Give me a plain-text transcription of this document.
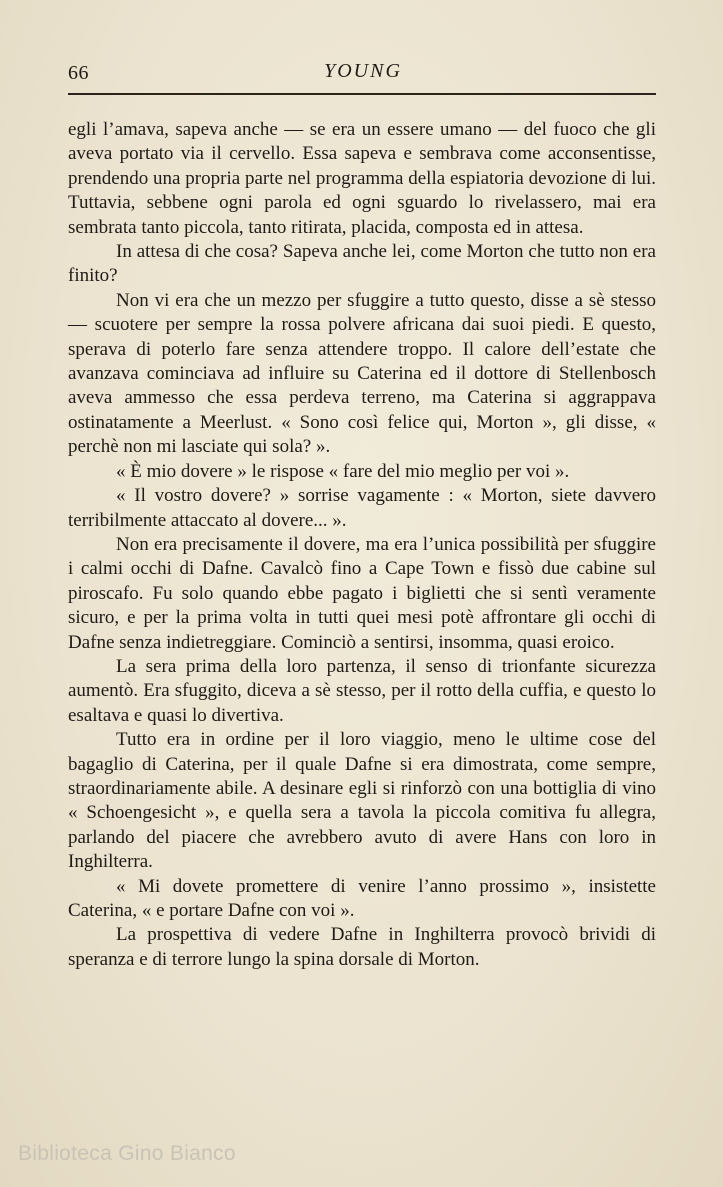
66	YOUNG

egli l’amava, sapeva anche — se era un essere umano — del fuoco che gli aveva portato via il cervello. Essa sapeva e sembrava come acconsentisse, prendendo una propria parte nel programma della espiatoria devozione di lui. Tuttavia, sebbene ogni parola ed ogni sguardo lo rivelassero, mai era sembrata tanto piccola, tanto ritirata, placida, composta ed in attesa.

In attesa di che cosa? Sapeva anche lei, come Morton che tutto non era finito?

Non vi era che un mezzo per sfuggire a tutto questo, disse a sè stesso — scuotere per sempre la rossa polvere africana dai suoi piedi. E questo, sperava di poterlo fare senza attendere troppo. Il calore dell’estate che avanzava cominciava ad influire su Caterina ed il dottore di Stellenbosch aveva ammesso che essa perdeva terreno, ma Caterina si aggrappava ostinatamente a Meerlust. « Sono così felice qui, Morton », gli disse, « perchè non mi lasciate qui sola? ».

« È mio dovere » le rispose « fare del mio meglio per voi ».

« Il vostro dovere? » sorrise vagamente : « Morton, siete davvero terribilmente attaccato al dovere... ».

Non era precisamente il dovere, ma era l’unica possibilità per sfuggire i calmi occhi di Dafne. Cavalcò fino a Cape Town e fissò due cabine sul piroscafo. Fu solo quando ebbe pagato i biglietti che si sentì veramente sicuro, e per la prima volta in tutti quei mesi potè affrontare gli occhi di Dafne senza indietreggiare. Cominciò a sentirsi, insomma, quasi eroico.

La sera prima della loro partenza, il senso di trionfante sicurezza aumentò. Era sfuggito, diceva a sè stesso, per il rotto della cuffia, e questo lo esaltava e quasi lo divertiva.

Tutto era in ordine per il loro viaggio, meno le ultime cose del bagaglio di Caterina, per il quale Dafne si era dimostrata, come sempre, straordinariamente abile. A desinare egli si rinforzò con una bottiglia di vino « Schoengesicht », e quella sera a tavola la piccola comitiva fu allegra, parlando del piacere che avrebbero avuto di avere Hans con loro in Inghilterra.

« Mi dovete promettere di venire l’anno prossimo », insistette Caterina, « e portare Dafne con voi ».

La prospettiva di vedere Dafne in Inghilterra provocò brividi di speranza e di terrore lungo la spina dorsale di Morton.

Biblioteca Gino Bianco
